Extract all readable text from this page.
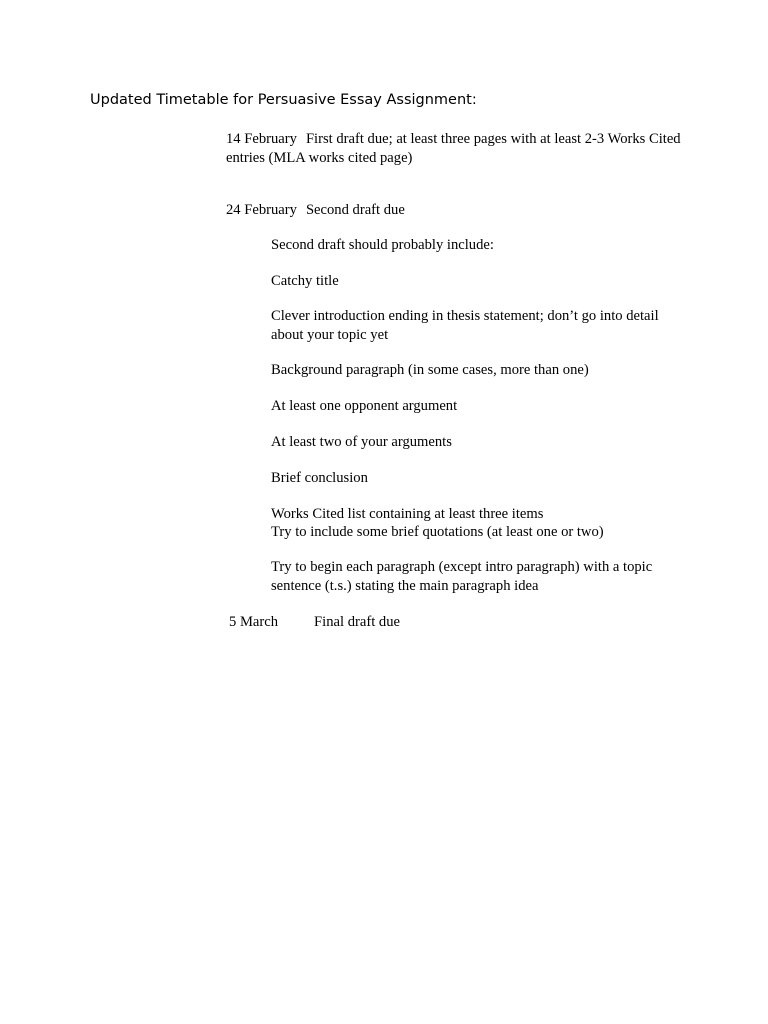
Updated Timetable for Persuasive Essay Assignment:
14 February First draft due; at least three pages with at least 2-3 Works Cited entries (MLA works cited page)
24 February Second draft due
Second draft should probably include:
Catchy title
Clever introduction ending in thesis statement; don’t go into detail about your topic yet
Background paragraph (in some cases, more than one)
At least one opponent argument
At least two of your arguments
Brief conclusion
Works Cited list containing at least three items
Try to include some brief quotations (at least one or two)
Try to begin each paragraph (except intro paragraph) with a topic sentence (t.s.) stating the main paragraph idea
5 March Final draft due
